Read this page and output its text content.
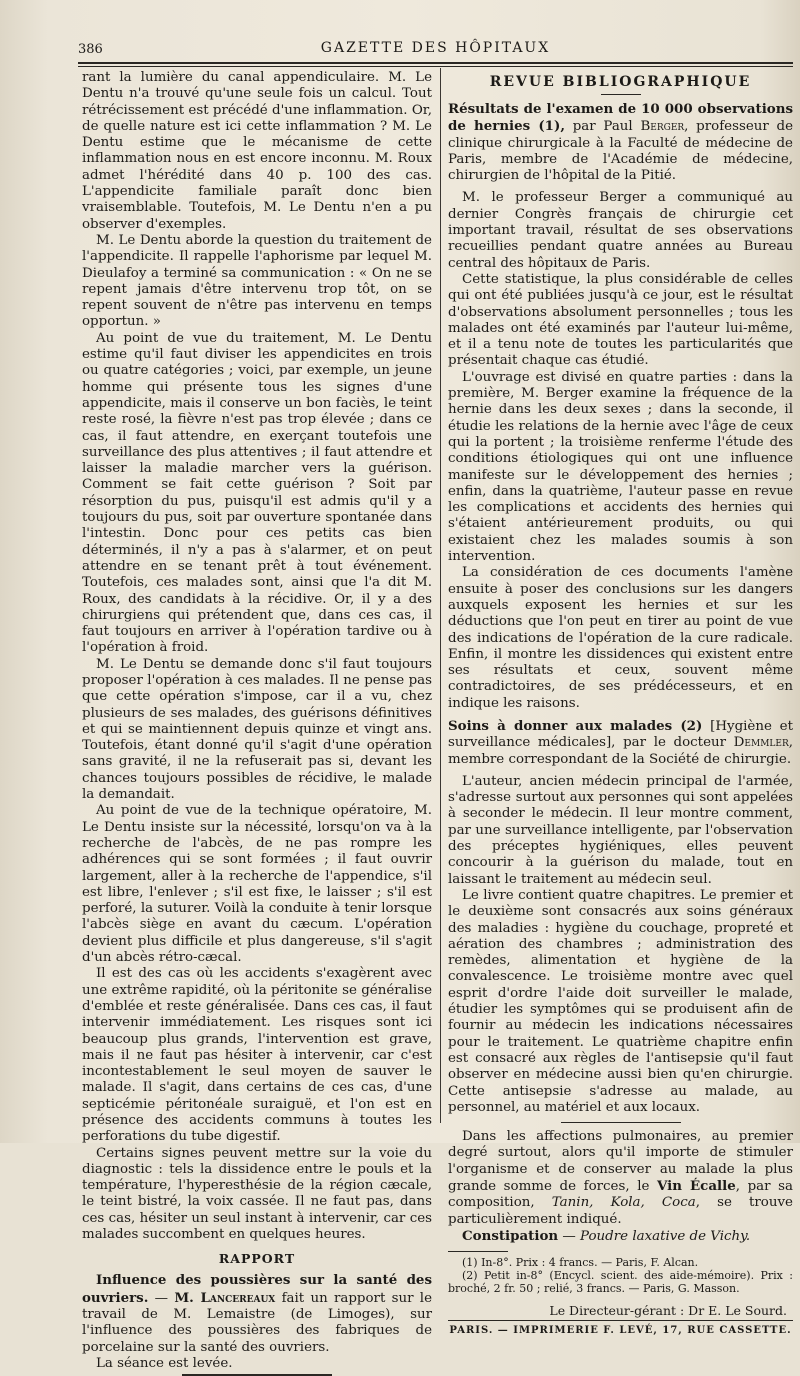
386	GAZETTE DES HÔPITAUX

rant la lumière du canal appendiculaire. M. Le Dentu n'a trouvé qu'une seule fois un calcul. Tout rétrécissement est précédé d'une inflammation. Or, de quelle nature est ici cette inflammation ? M. Le Dentu estime que le mécanisme de cette inflammation nous en est encore inconnu. M. Roux admet l'hérédité dans 40 p. 100 des cas. L'appendicite familiale paraît donc bien vraisemblable. Toutefois, M. Le Dentu n'en a pu observer d'exemples.

M. Le Dentu aborde la question du traitement de l'appendicite. Il rappelle l'aphorisme par lequel M. Dieulafoy a terminé sa communication : « On ne se repent jamais d'être intervenu trop tôt, on se repent souvent de n'être pas intervenu en temps opportun. »

Au point de vue du traitement, M. Le Dentu estime qu'il faut diviser les appendicites en trois ou quatre catégories ; voici, par exemple, un jeune homme qui présente tous les signes d'une appendicite, mais il conserve un bon faciès, le teint reste rosé, la fièvre n'est pas trop élevée ; dans ce cas, il faut attendre, en exerçant toutefois une surveillance des plus attentives ; il faut attendre et laisser la maladie marcher vers la guérison. Comment se fait cette guérison ? Soit par résorption du pus, puisqu'il est admis qu'il y a toujours du pus, soit par ouverture spontanée dans l'intestin. Donc pour ces petits cas bien déterminés, il n'y a pas à s'alarmer, et on peut attendre en se tenant prêt à tout événement. Toutefois, ces malades sont, ainsi que l'a dit M. Roux, des candidats à la récidive. Or, il y a des chirurgiens qui prétendent que, dans ces cas, il faut toujours en arriver à l'opération tardive ou à l'opération à froid.

M. Le Dentu se demande donc s'il faut toujours proposer l'opération à ces malades. Il ne pense pas que cette opération s'impose, car il a vu, chez plusieurs de ses malades, des guérisons définitives et qui se maintiennent depuis quinze et vingt ans. Toutefois, étant donné qu'il s'agit d'une opération sans gravité, il ne la refuserait pas si, devant les chances toujours possibles de récidive, le malade la demandait.

Au point de vue de la technique opératoire, M. Le Dentu insiste sur la nécessité, lorsqu'on va à la recherche de l'abcès, de ne pas rompre les adhérences qui se sont formées ; il faut ouvrir largement, aller à la recherche de l'appendice, s'il est libre, l'enlever ; s'il est fixe, le laisser ; s'il est perforé, la suturer. Voilà la conduite à tenir lorsque l'abcès siège en avant du cæcum. L'opération devient plus difficile et plus dangereuse, s'il s'agit d'un abcès rétro-cæcal.

Il est des cas où les accidents s'exagèrent avec une extrême rapidité, où la péritonite se généralise d'emblée et reste généralisée. Dans ces cas, il faut intervenir immédiatement. Les risques sont ici beaucoup plus grands, l'intervention est grave, mais il ne faut pas hésiter à intervenir, car c'est incontestablement le seul moyen de sauver le malade. Il s'agit, dans certains de ces cas, d'une septicémie péritonéale suraiguë, et l'on est en présence des accidents communs à toutes les perforations du tube digestif.

Certains signes peuvent mettre sur la voie du diagnostic : tels la dissidence entre le pouls et la température, l'hyperesthésie de la région cæcale, le teint bistré, la voix cassée. Il ne faut pas, dans ces cas, hésiter un seul instant à intervenir, car ces malades succombent en quelques heures.

RAPPORT

Influence des poussières sur la santé des ouvriers. — M. Lancereaux fait un rapport sur le travail de M. Lemaistre (de Limoges), sur l'influence des poussières des fabriques de porcelaine sur la santé des ouvriers.

La séance est levée.

REVUE BIBLIOGRAPHIQUE

Résultats de l'examen de 10 000 observations de hernies (1), par Paul Berger, professeur de clinique chirurgicale à la Faculté de médecine de Paris, membre de l'Académie de médecine, chirurgien de l'hôpital de la Pitié.

M. le professeur Berger a communiqué au dernier Congrès français de chirurgie cet important travail, résultat de ses observations recueillies pendant quatre années au Bureau central des hôpitaux de Paris.

Cette statistique, la plus considérable de celles qui ont été publiées jusqu'à ce jour, est le résultat d'observations absolument personnelles ; tous les malades ont été examinés par l'auteur lui-même, et il a tenu note de toutes les particularités que présentait chaque cas étudié.

L'ouvrage est divisé en quatre parties : dans la première, M. Berger examine la fréquence de la hernie dans les deux sexes ; dans la seconde, il étudie les relations de la hernie avec l'âge de ceux qui la portent ; la troisième renferme l'étude des conditions étiologiques qui ont une influence manifeste sur le développement des hernies ; enfin, dans la quatrième, l'auteur passe en revue les complications et accidents des hernies qui s'étaient antérieurement produits, ou qui existaient chez les malades soumis à son intervention.

La considération de ces documents l'amène ensuite à poser des conclusions sur les dangers auxquels exposent les hernies et sur les déductions que l'on peut en tirer au point de vue des indications de l'opération de la cure radicale. Enfin, il montre les dissidences qui existent entre ses résultats et ceux, souvent même contradictoires, de ses prédécesseurs, et en indique les raisons.

Soins à donner aux malades (2) [Hygiène et surveillance médicales], par le docteur Demmler, membre correspondant de la Société de chirurgie.

L'auteur, ancien médecin principal de l'armée, s'adresse surtout aux personnes qui sont appelées à seconder le médecin. Il leur montre comment, par une surveillance intelligente, par l'observation des préceptes hygiéniques, elles peuvent concourir à la guérison du malade, tout en laissant le traitement au médecin seul.

Le livre contient quatre chapitres. Le premier et le deuxième sont consacrés aux soins généraux des maladies : hygiène du couchage, propreté et aération des chambres ; administration des remèdes, alimentation et hygiène de la convalescence. Le troisième montre avec quel esprit d'ordre l'aide doit surveiller le malade, étudier les symptômes qui se produisent afin de fournir au médecin les indications nécessaires pour le traitement. Le quatrième chapitre enfin est consacré aux règles de l'antisepsie qu'il faut observer en médecine aussi bien qu'en chirurgie. Cette antisepsie s'adresse au malade, au personnel, au matériel et aux locaux.

Dans les affections pulmonaires, au premier degré surtout, alors qu'il importe de stimuler l'organisme et de conserver au malade la plus grande somme de forces, le Vin Écalle, par sa composition, Tanin, Kola, Coca, se trouve particulièrement indiqué.

Constipation — Poudre laxative de Vichy.

(1) In-8°. Prix : 4 francs. — Paris, F. Alcan.

(2) Petit in-8° (Encycl. scient. des aide-mémoire). Prix : broché, 2 fr. 50 ; relié, 3 francs. — Paris, G. Masson.

Le Directeur-gérant : Dr E. Le Sourd.
PARIS. — IMPRIMERIE F. LEVÉ, 17, RUE CASSETTE.
